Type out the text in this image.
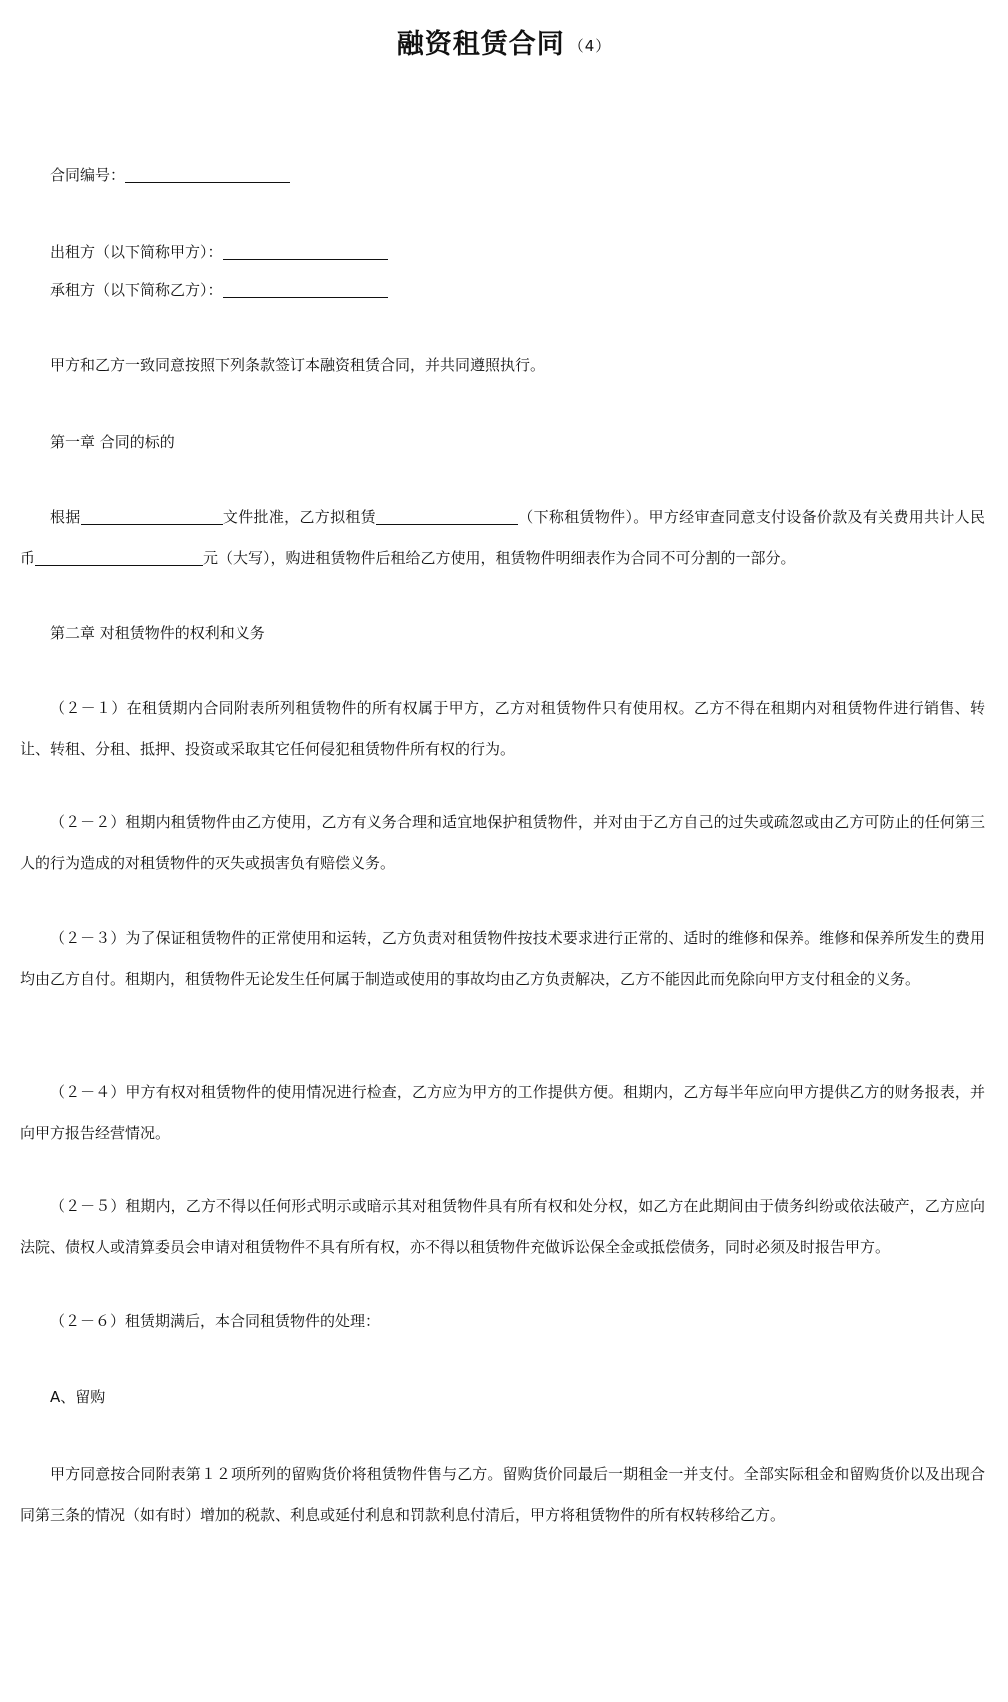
融资租赁合同 （4）
合同编号：
出租方（以下简称甲方）：
承租方（以下简称乙方）：
甲方和乙方一致同意按照下列条款签订本融资租赁合同，并共同遵照执行。
第一章 合同的标的
根据	文件批准，乙方拟租赁	（下称租赁物件）。甲方经审查同意支付设备价款及有关费用共计人民币	元（大写），购进租赁物件后租给乙方使用，租赁物件明细表作为合同不可分割的一部分。
第二章 对租赁物件的权利和义务
（２－１）在租赁期内合同附表所列租赁物件的所有权属于甲方，乙方对租赁物件只有使用权。乙方不得在租期内对租赁物件进行销售、转让、转租、分租、抵押、投资或采取其它任何侵犯租赁物件所有权的行为。
（２－２）租期内租赁物件由乙方使用，乙方有义务合理和适宜地保护租赁物件，并对由于乙方自己的过失或疏忽或由乙方可防止的任何第三人的行为造成的对租赁物件的灭失或损害负有赔偿义务。
（２－３）为了保证租赁物件的正常使用和运转，乙方负责对租赁物件按技术要求进行正常的、适时的维修和保养。维修和保养所发生的费用均由乙方自付。租期内，租赁物件无论发生任何属于制造或使用的事故均由乙方负责解决，乙方不能因此而免除向甲方支付租金的义务。
（２－４）甲方有权对租赁物件的使用情况进行检查，乙方应为甲方的工作提供方便。租期内，乙方每半年应向甲方提供乙方的财务报表，并向甲方报告经营情况。
（２－５）租期内，乙方不得以任何形式明示或暗示其对租赁物件具有所有权和处分权，如乙方在此期间由于债务纠纷或依法破产，乙方应向法院、债权人或清算委员会申请对租赁物件不具有所有权，亦不得以租赁物件充做诉讼保全金或抵偿债务，同时必须及时报告甲方。
（２－６）租赁期满后，本合同租赁物件的处理：
A、留购
甲方同意按合同附表第１２项所列的留购货价将租赁物件售与乙方。留购货价同最后一期租金一并支付。全部实际租金和留购货价以及出现合同第三条的情况（如有时）增加的税款、利息或延付利息和罚款利息付清后，甲方将租赁物件的所有权转移给乙方。
